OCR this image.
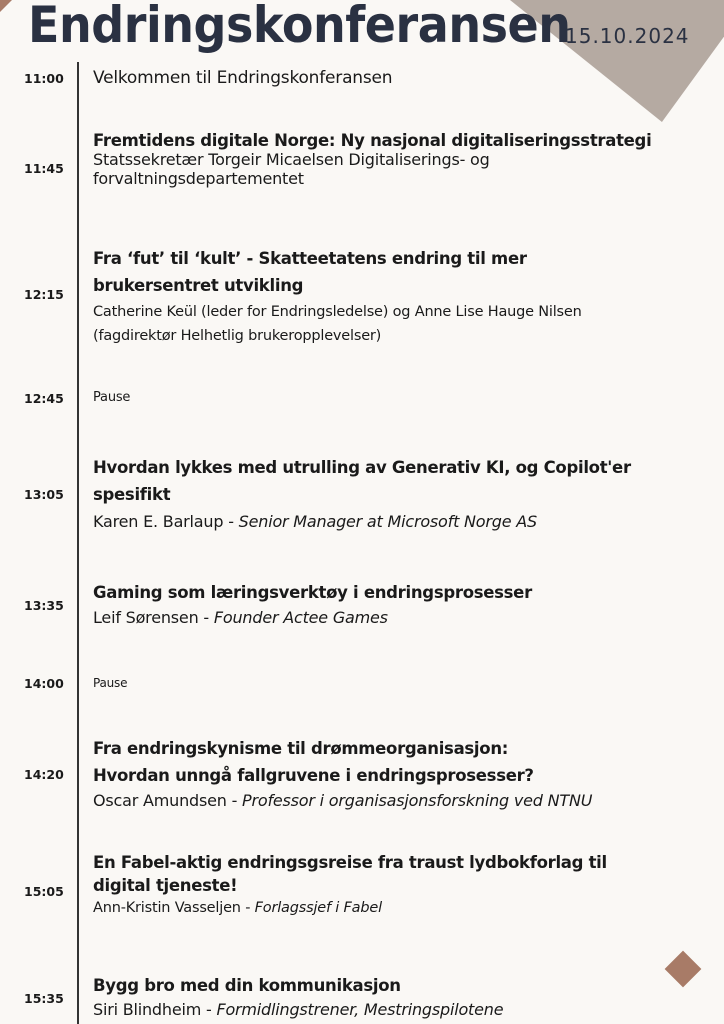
Endringskonferansen
15.10.2024
11:00 Velkommen til Endringskonferansen
11:45
Fremtidens digitale Norge: Ny nasjonal digitaliseringsstrategi
Statssekretær Torgeir Micaelsen Digitaliserings- og
forvaltningsdepartementet
12:15
Fra ‘fut’ til ‘kult’ - Skatteetatens endring til mer
brukersentret utvikling
Catherine Keül (leder for Endringsledelse) og Anne Lise Hauge Nilsen
(fagdirektør Helhetlig brukeropplevelser)
12:45 Pause
13:05
Hvordan lykkes med utrulling av Generativ KI, og Copilot'er
spesifikt
Karen E. Barlaup - Senior Manager at Microsoft Norge AS
13:35
Gaming som læringsverktøy i endringsprosesser
Leif Sørensen - Founder Actee Games
14:00 Pause
14:20
Fra endringskynisme til drømmeorganisasjon:
Hvordan unngå fallgruvene i endringsprosesser?
Oscar Amundsen - Professor i organisasjonsforskning ved NTNU
15:05
En Fabel-aktig endringsgsreise fra traust lydbokforlag til
digital tjeneste!
Ann-Kristin Vasseljen - Forlagssjef i Fabel
15:35
Bygg bro med din kommunikasjon
Siri Blindheim - Formidlingstrener, Mestringspilotene
